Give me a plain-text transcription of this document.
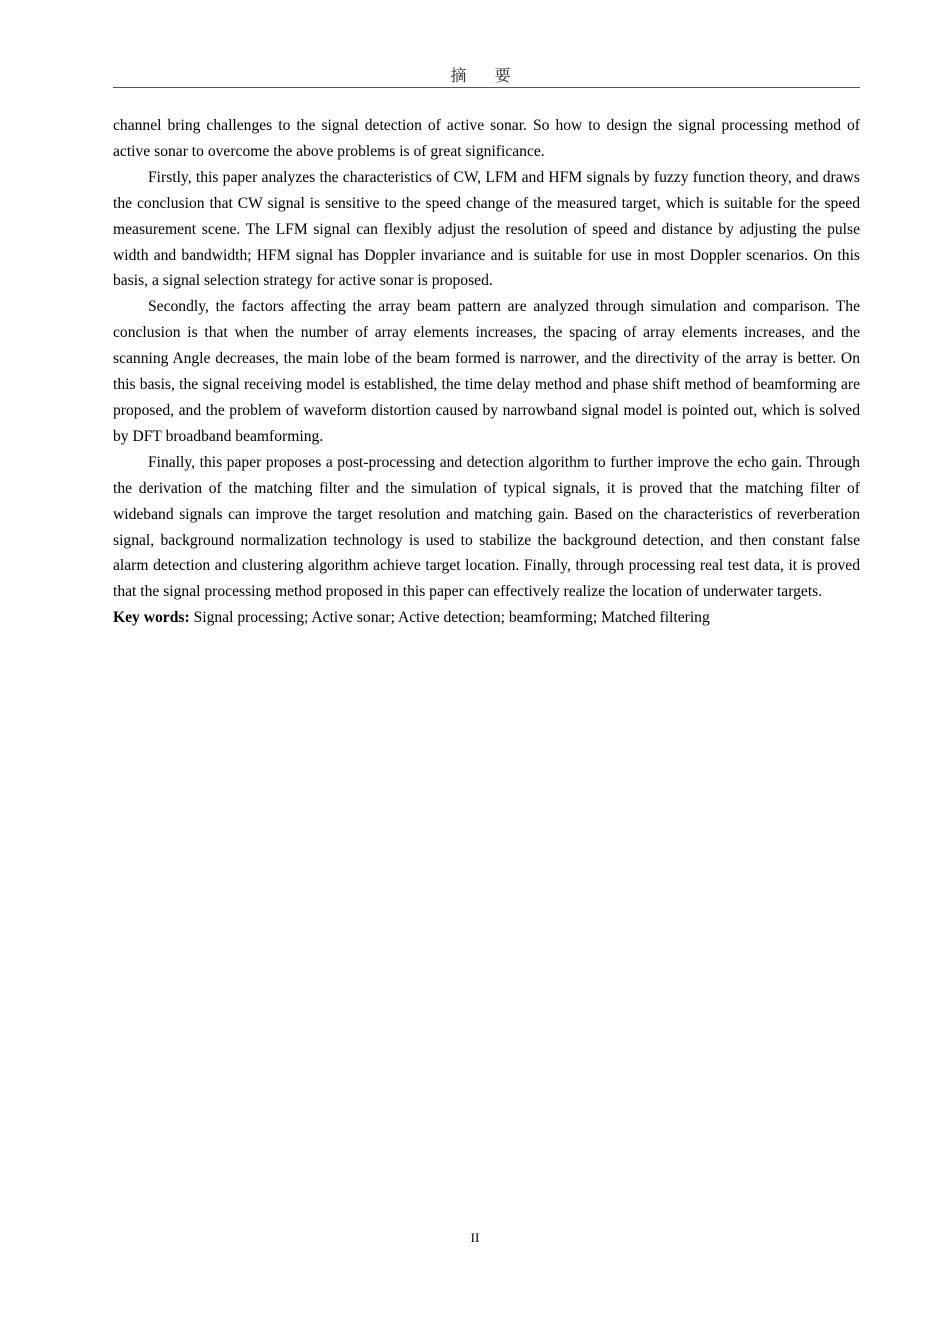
摘 要

channel bring challenges to the signal detection of active sonar. So how to design the signal processing method of active sonar to overcome the above problems is of great significance.

Firstly, this paper analyzes the characteristics of CW, LFM and HFM signals by fuzzy function theory, and draws the conclusion that CW signal is sensitive to the speed change of the measured target, which is suitable for the speed measurement scene. The LFM signal can flexibly adjust the resolution of speed and distance by adjusting the pulse width and bandwidth; HFM signal has Doppler invariance and is suitable for use in most Doppler scenarios. On this basis, a signal selection strategy for active sonar is proposed.

Secondly, the factors affecting the array beam pattern are analyzed through simulation and comparison. The conclusion is that when the number of array elements increases, the spacing of array elements increases, and the scanning Angle decreases, the main lobe of the beam formed is narrower, and the directivity of the array is better. On this basis, the signal receiving model is established, the time delay method and phase shift method of beamforming are proposed, and the problem of waveform distortion caused by narrowband signal model is pointed out, which is solved by DFT broadband beamforming.

Finally, this paper proposes a post-processing and detection algorithm to further improve the echo gain. Through the derivation of the matching filter and the simulation of typical signals, it is proved that the matching filter of wideband signals can improve the target resolution and matching gain. Based on the characteristics of reverberation signal, background normalization technology is used to stabilize the background detection, and then constant false alarm detection and clustering algorithm achieve target location. Finally, through processing real test data, it is proved that the signal processing method proposed in this paper can effectively realize the location of underwater targets.

Key words: Signal processing; Active sonar; Active detection; beamforming; Matched filtering

II
